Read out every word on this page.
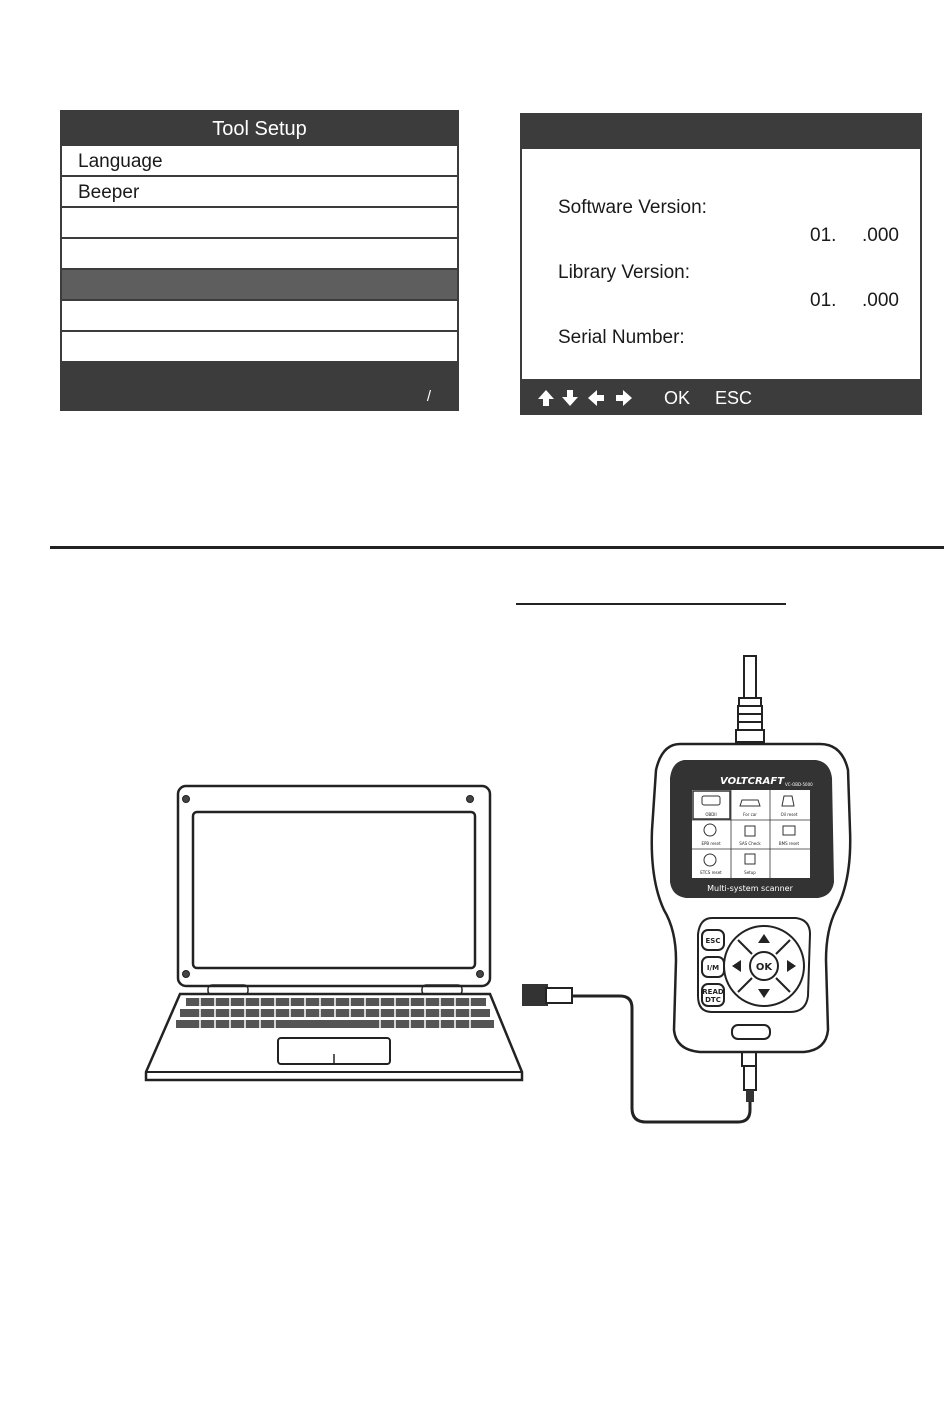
Tool Setup
Language
Beeper
/
Software Version:
01. .000
Library Version:
01. .000
Serial Number:
OK ESC
VOLTCRAFT VC-OBD-5000
OBDII	For car	Oil reset
EPB reset	SAS Check	BMS reset
ETCS reset	Setup
Multi-system scanner
ESC
I/M
READ
DTC
OK
